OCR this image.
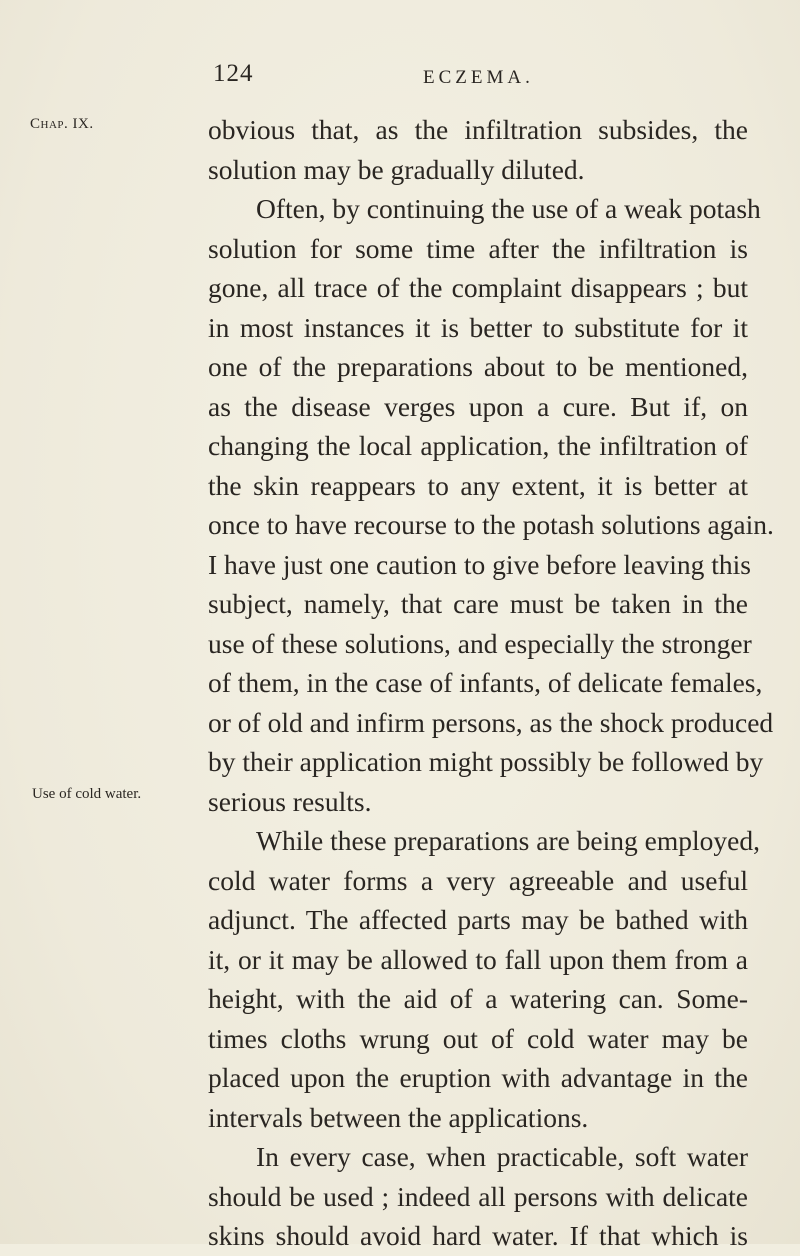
124	ECZEMA.
Chap. IX.
Use of cold water.
obvious that, as the infiltration subsides, the
solution may be gradually diluted.
Often, by continuing the use of a weak potash
solution for some time after the infiltration is
gone, all trace of the complaint disappears ; but
in most instances it is better to substitute for it
one of the preparations about to be mentioned,
as the disease verges upon a cure. But if, on
changing the local application, the infiltration of
the skin reappears to any extent, it is better at
once to have recourse to the potash solutions again.
I have just one caution to give before leaving this
subject, namely, that care must be taken in the
use of these solutions, and especially the stronger
of them, in the case of infants, of delicate females,
or of old and infirm persons, as the shock produced
by their application might possibly be followed by
serious results.
While these preparations are being employed,
cold water forms a very agreeable and useful
adjunct. The affected parts may be bathed with
it, or it may be allowed to fall upon them from a
height, with the aid of a watering can. Some-
times cloths wrung out of cold water may be
placed upon the eruption with advantage in the
intervals between the applications.
In every case, when practicable, soft water
should be used ; indeed all persons with delicate
skins should avoid hard water. If that which is
